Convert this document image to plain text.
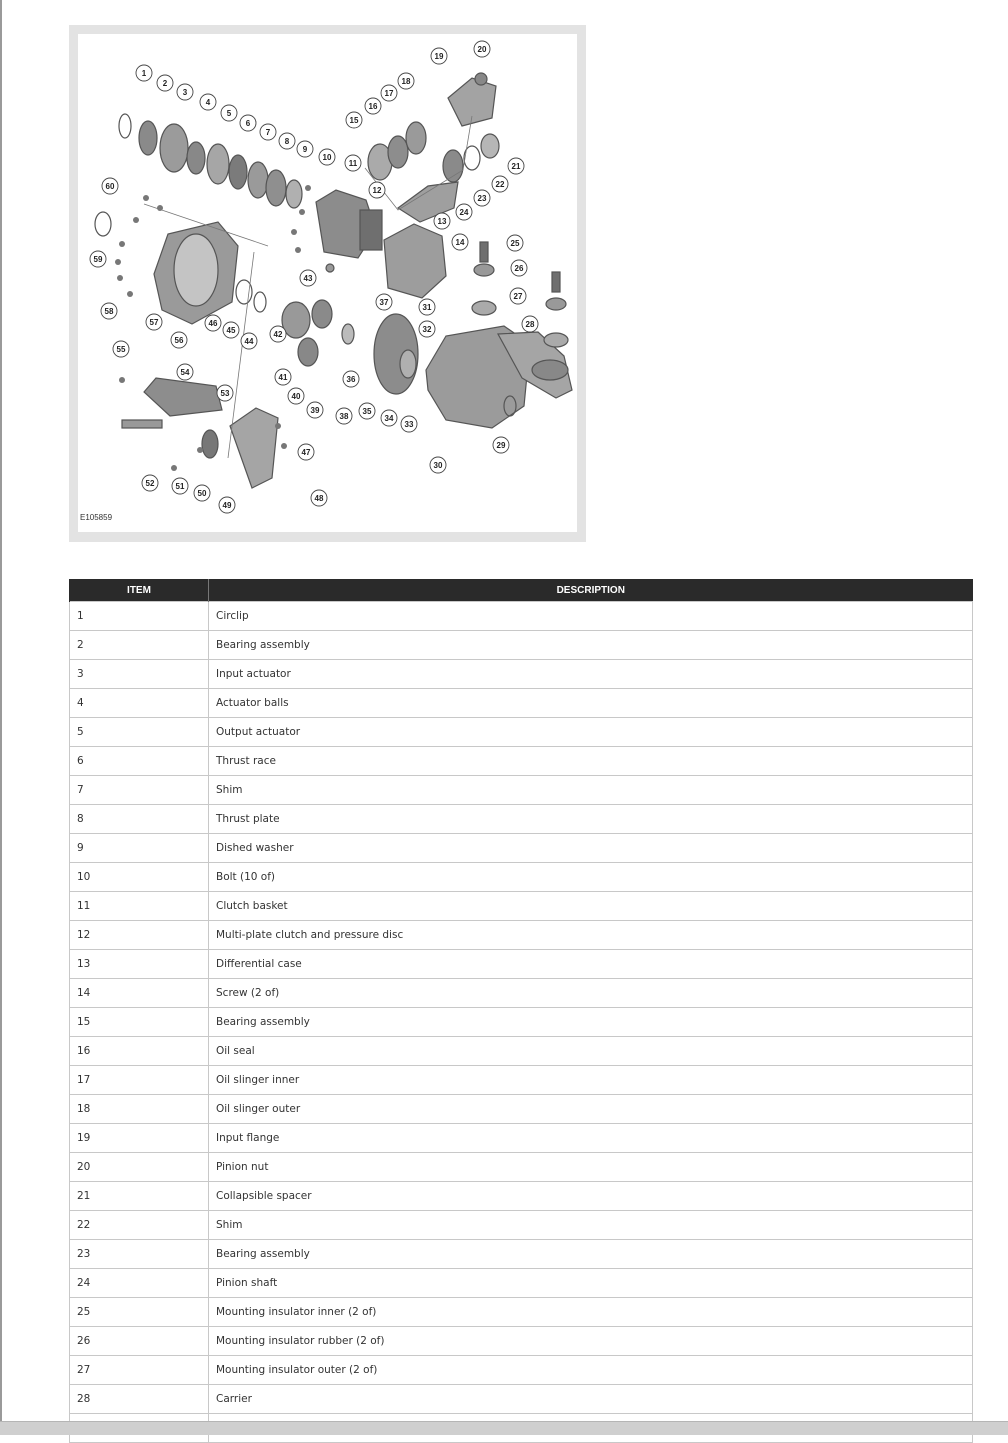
1
2
3
4
5
6
7
8
9
10
11
12
13
14
15
16
17
18
19
20
21
22
23
24
25
26
27
28
29
30
31
32
33
34
35
36
37
38
39
40
41
42
43
44
45
46
47
48
49
50
51
52
53
54
55
56
57
58
59
60
E105859
ITEM	DESCRIPTION
1	Circlip
2	Bearing assembly
3	Input actuator
4	Actuator balls
5	Output actuator
6	Thrust race
7	Shim
8	Thrust plate
9	Dished washer
10	Bolt (10 of)
11	Clutch basket
12	Multi-plate clutch and pressure disc
13	Differential case
14	Screw (2 of)
15	Bearing assembly
16	Oil seal
17	Oil slinger inner
18	Oil slinger outer
19	Input flange
20	Pinion nut
21	Collapsible spacer
22	Shim
23	Bearing assembly
24	Pinion shaft
25	Mounting insulator inner (2 of)
26	Mounting insulator rubber (2 of)
27	Mounting insulator outer (2 of)
28	Carrier
